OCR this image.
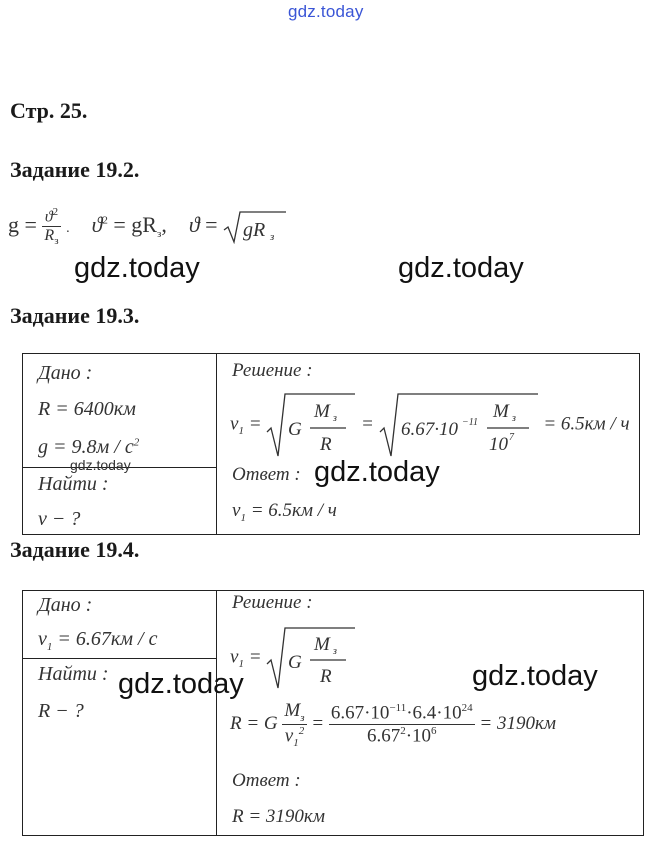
gdz.today
Стр. 25.
Задание 19.2.
$g = \frac{ϑ^2}{R_з}$ . $ϑ^2 = gR_з$, ϑ = gR з
gdz.today	gdz.today
Задание 19.3.

Дано :
R = 6400км
$g = 9.8м / с^2$
gdz.today
Найти :
v − ?
Решение :
$v_1 = G$
M з
R
= 6.67·10 −11
M з
10 7
= 6.5км / ч
Ответ : gdz.today
$v_1 = 6.5км / ч$
Задание 19.4.

Дано :
$v_1 = 6.67км / с$
Найти :
R − ?
gdz.today
Решение :
$v_1 = G$
M з
R	gdz.today
R = G $\frac{M_з}{v_1^2} = \frac{6.67\cdot 10^{-11}\cdot 6.4\cdot 10^{24}}{6.67^2\cdot 10^6} = 3190км$
Ответ :
R = 3190км
